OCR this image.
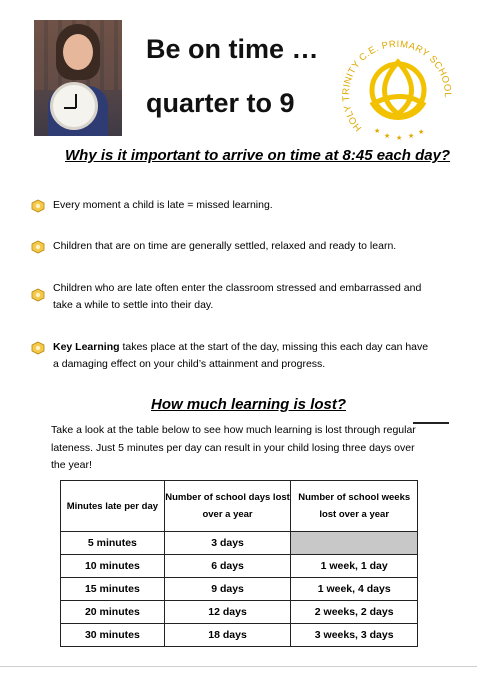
Be on time …
quarter to 9
HOLY TRINITY C.E. PRIMARY SCHOOL
★
★ ★ ★ ★
Why is it important to arrive on time at 8:45 each day?
Every moment a child is late = missed learning.
Children that are on time are generally settled, relaxed and ready to learn.
Children who are late often enter the classroom stressed and embarrassed and take a while to settle into their day.
Key Learning takes place at the start of the day, missing this each day can have a damaging effect on your child’s attainment and progress.
How much learning is lost?
Take a look at the table below to see how much learning is lost through regular lateness. Just 5 minutes per day can result in your child losing three days over the year!
Minutes late per day	Number of school days lost over a year	Number of school weeks lost over a year
5 minutes	3 days	
10 minutes	6 days	1 week, 1 day
15 minutes	9 days	1 week, 4 days
20 minutes	12 days	2 weeks, 2 days
30 minutes	18 days	3 weeks, 3 days
